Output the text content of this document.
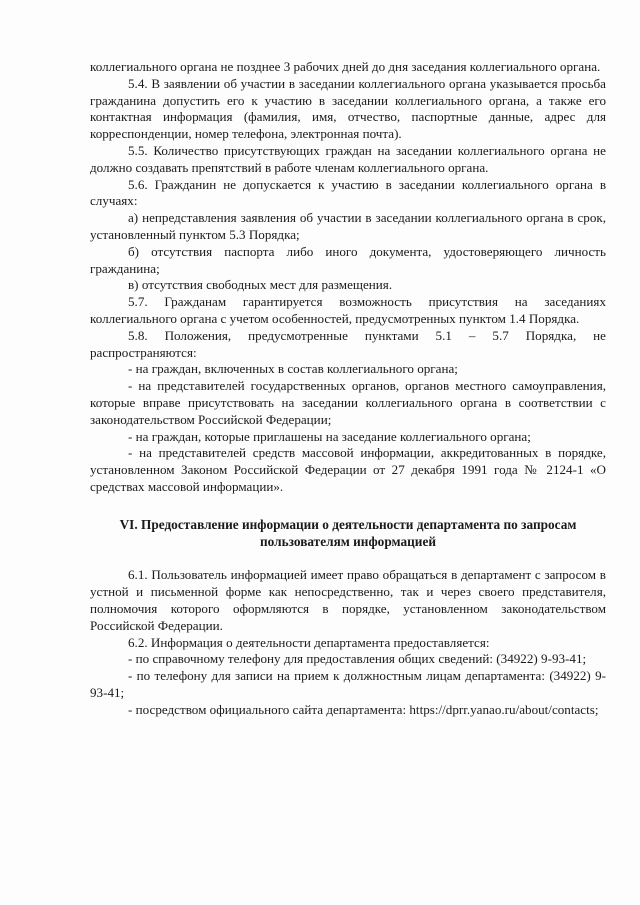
коллегиального органа не позднее 3 рабочих дней до дня заседания коллегиального органа.

5.4. В заявлении об участии в заседании коллегиального органа указывается просьба гражданина допустить его к участию в заседании коллегиального органа, а также его контактная информация (фамилия, имя, отчество, паспортные данные, адрес для корреспонденции, номер телефона, электронная почта).

5.5. Количество присутствующих граждан на заседании коллегиального органа не должно создавать препятствий в работе членам коллегиального органа.

5.6. Гражданин не допускается к участию в заседании коллегиального органа в случаях:

а) непредставления заявления об участии в заседании коллегиального органа в срок, установленный пунктом 5.3 Порядка;

б) отсутствия паспорта либо иного документа, удостоверяющего личность гражданина;

в) отсутствия свободных мест для размещения.

5.7. Гражданам гарантируется возможность присутствия на заседаниях коллегиального органа с учетом особенностей, предусмотренных пунктом 1.4 Порядка.

5.8. Положения, предусмотренные пунктами 5.1 – 5.7 Порядка, не распространяются:

- на граждан, включенных в состав коллегиального органа;

- на представителей государственных органов, органов местного самоуправления, которые вправе присутствовать на заседании коллегиального органа в соответствии с законодательством Российской Федерации;

- на граждан, которые приглашены на заседание коллегиального органа;

- на представителей средств массовой информации, аккредитованных в порядке, установленном Законом Российской Федерации от 27 декабря 1991 года № 2124-1 «О средствах массовой информации».

VI. Предоставление информации о деятельности департамента по запросам
пользователям информацией

6.1. Пользователь информацией имеет право обращаться в департамент с запросом в устной и письменной форме как непосредственно, так и через своего представителя, полномочия которого оформляются в порядке, установленном законодательством Российской Федерации.

6.2. Информация о деятельности департамента предоставляется:

- по справочному телефону для предоставления общих сведений: (34922) 9-93-41;

- по телефону для записи на прием к должностным лицам департамента: (34922) 9-93-41;

- посредством официального сайта департамента: https://dprr.yanao.ru/about/contacts;
